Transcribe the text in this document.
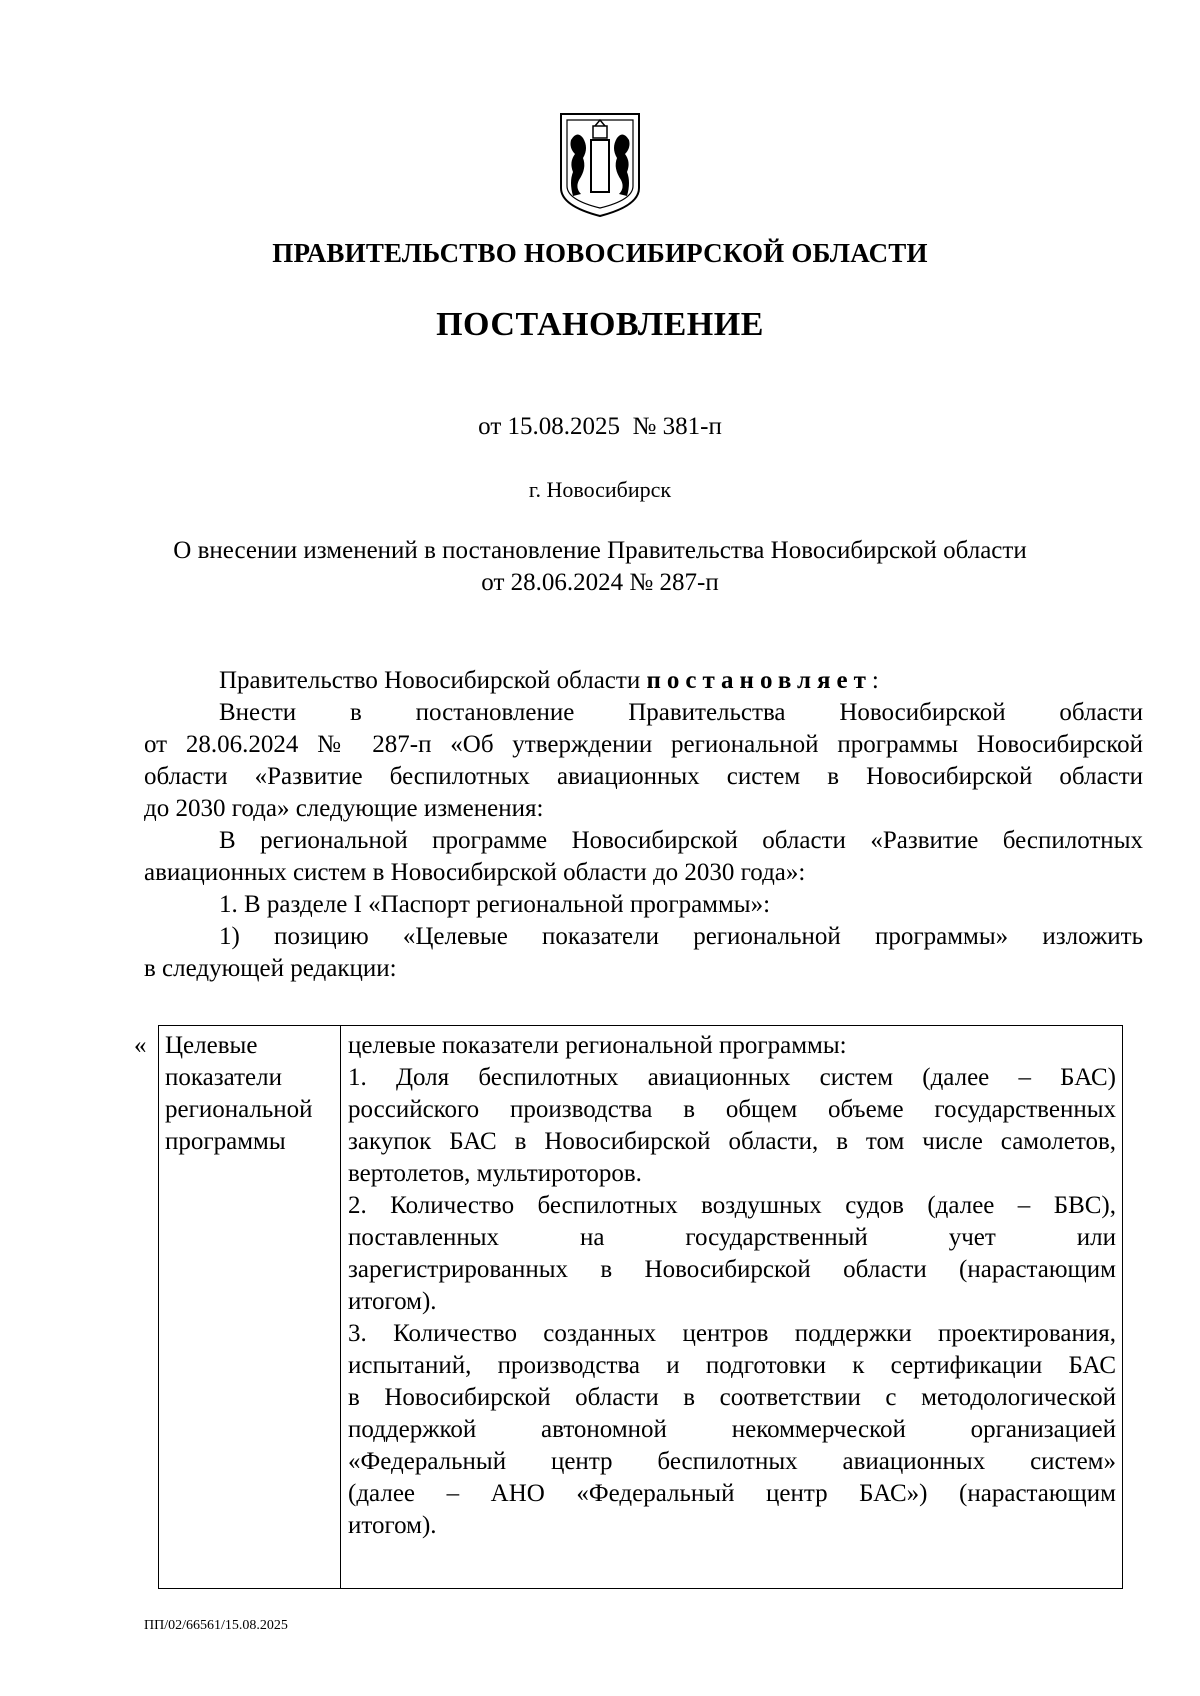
ПРАВИТЕЛЬСТВО НОВОСИБИРСКОЙ ОБЛАСТИ
ПОСТАНОВЛЕНИЕ
от 15.08.2025  № 381-п
г. Новосибирск
О внесении изменений в постановление Правительства Новосибирской области
от 28.06.2024 № 287-п
Правительство Новосибирской области постановляет:
Внести в постановление Правительства Новосибирской области
от 28.06.2024 № 287-п «Об утверждении региональной программы Новосибирской
области «Развитие беспилотных авиационных систем в Новосибирской области
до 2030 года» следующие изменения:
В региональной программе Новосибирской области «Развитие беспилотных
авиационных систем в Новосибирской области до 2030 года»:
1. В разделе I «Паспорт региональной программы»:
1) позицию «Целевые показатели региональной программы» изложить
в следующей редакции:
« Целевые
показатели
региональной
программы
целевые показатели региональной программы:
1. Доля беспилотных авиационных систем (далее – БАС)
российского производства в общем объеме государственных
закупок БАС в Новосибирской области, в том числе самолетов,
вертолетов, мультироторов.
2. Количество беспилотных воздушных судов (далее – БВС),
поставленных на государственный учет или
зарегистрированных в Новосибирской области (нарастающим
итогом).
3. Количество созданных центров поддержки проектирования,
испытаний, производства и подготовки к сертификации БАС
в Новосибирской области в соответствии с методологической
поддержкой автономной некоммерческой организацией
«Федеральный центр беспилотных авиационных систем»
(далее – АНО «Федеральный центр БАС») (нарастающим
итогом).
ПП/02/66561/15.08.2025
